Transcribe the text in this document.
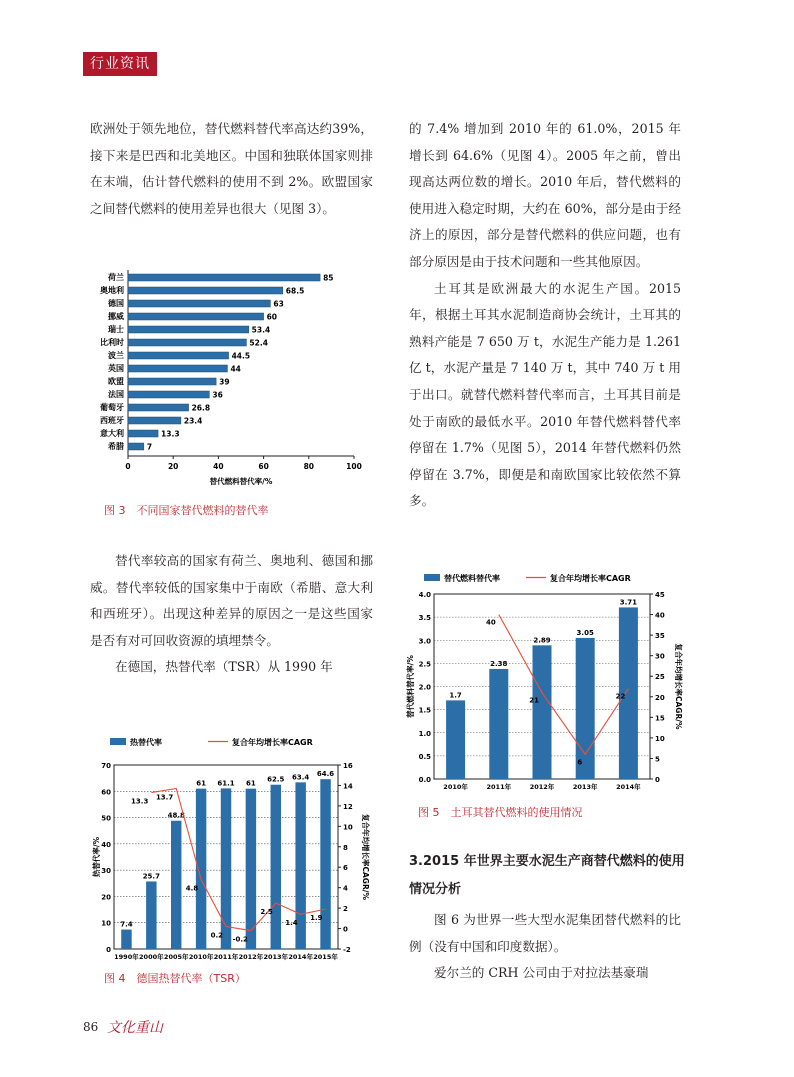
行业资讯

欧洲处于领先地位，替代燃料替代率高达约39%，接下来是巴西和北美地区。中国和独联体国家则排在末端，估计替代燃料的使用不到 2%。欧盟国家之间替代燃料的使用差异也很大（见图 3）。

荷兰	85
奥地利	68.5
德国	63
挪威	60
瑞士	53.4
比利时	52.4
波兰	44.5
英国	44
欧盟	39
法国	36
葡萄牙	26.8
西班牙	23.4
意大利	13.3
希腊	7
0	20	40	60	80	100
替代燃料替代率/%
图 3　不同国家替代燃料的替代率

替代率较高的国家有荷兰、奥地利、德国和挪威。替代率较低的国家集中于南欧（希腊、意大利和西班牙）。出现这种差异的原因之一是这些国家是否有对可回收资源的填埋禁令。

在德国，热替代率（TSR）从 1990 年

热替代率	复合年均增长率CAGR
0
10
20
30
40
50
60
70
-2
0
2
4
6
8
10
12
14
16
7.4
1990年
25.7
2000年
48.8
2005年
61
2010年
61.1
2011年
61
2012年
62.5
2013年
63.4
2014年
64.6
2015年
13.3
13.7
4.8
0.2
-0.2
2.5
1.4
1.9
热替代率/%	复合年均增长率CAGR/%
图 4　德国热替代率（TSR）

的 7.4% 增加到 2010 年的 61.0%，2015 年增长到 64.6%（见图 4）。2005 年之前，曾出现高达两位数的增长。2010 年后，替代燃料的使用进入稳定时期，大约在 60%，部分是由于经济上的原因，部分是替代燃料的供应问题，也有部分原因是由于技术问题和一些其他原因。

土耳其是欧洲最大的水泥生产国。2015 年，根据土耳其水泥制造商协会统计，土耳其的熟料产能是 7 650 万 t，水泥生产能力是 1.261 亿 t，水泥产量是 7 140 万 t，其中 740 万 t 用于出口。就替代燃料替代率而言，土耳其目前是处于南欧的最低水平。2010 年替代燃料替代率停留在 1.7%（见图 5），2014 年替代燃料仍然停留在 3.7%，即便是和南欧国家比较依然不算多。

替代燃料替代率	复合年均增长率CAGR
0.0
0.5
1.0
1.5
2.0
2.5
3.0
3.5
4.0
0
5
10
15
20
25
30
35
40
45
1.7
2010年
2.38
2011年
2.89
2012年
3.05
2013年
3.71
2014年
40
21
6
22
替代燃料替代率/%	复合年均增长率CAGR/%
图 5　土耳其替代燃料的使用情况
3.2015 年世界主要水泥生产商替代燃料的使用情况分析

图 6 为世界一些大型水泥集团替代燃料的比例（没有中国和印度数据）。

爱尔兰的 CRH 公司由于对拉法基豪瑞

86 文化重山
